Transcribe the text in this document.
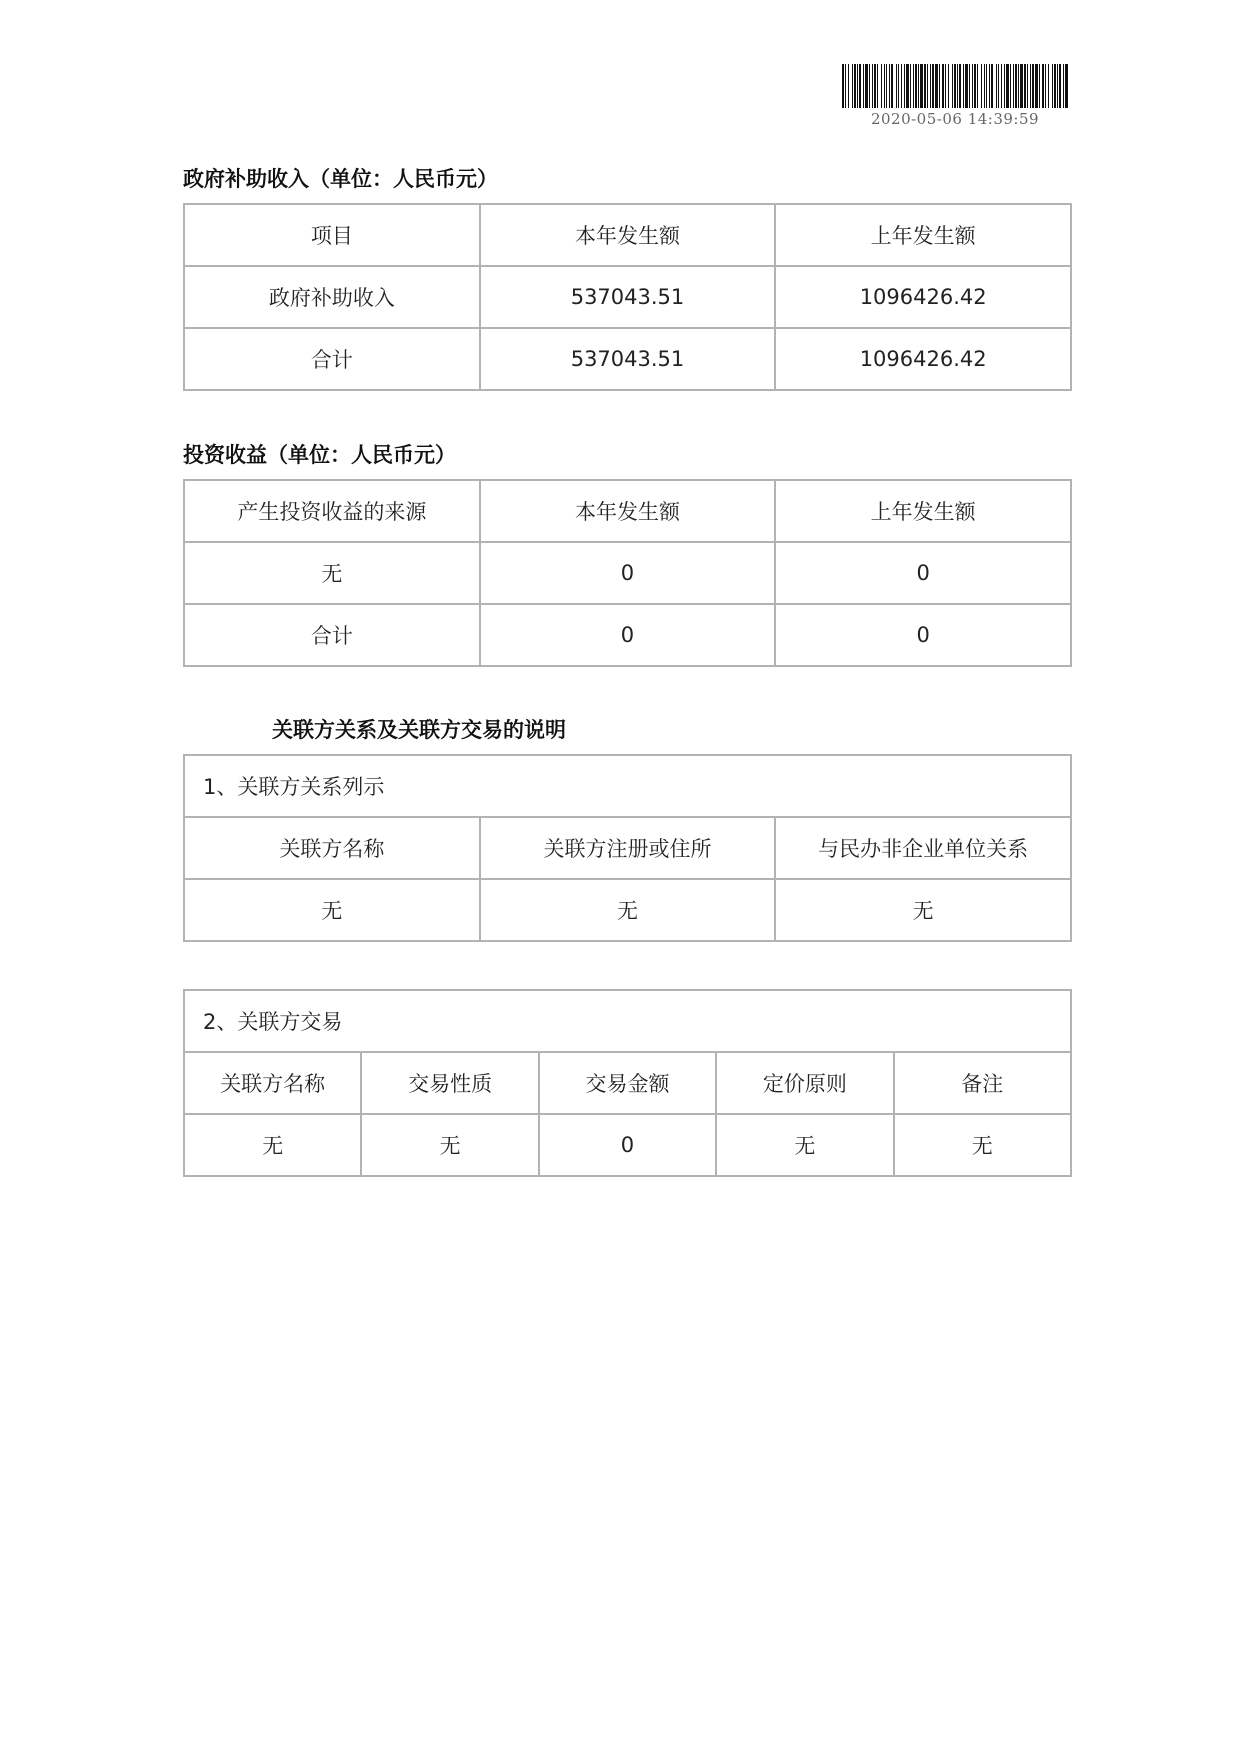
2020-05-06 14:39:59
政府补助收入（单位：人民币元）
项目	本年发生额	上年发生额
政府补助收入	537043.51	1096426.42
合计	537043.51	1096426.42
投资收益（单位：人民币元）
产生投资收益的来源	本年发生额	上年发生额
无	0	0
合计	0	0
关联方关系及关联方交易的说明
1、关联方关系列示		
关联方名称	关联方注册或住所	与民办非企业单位关系
无	无	无
2、关联方交易				
关联方名称	交易性质	交易金额	定价原则	备注
无	无	0	无	无
